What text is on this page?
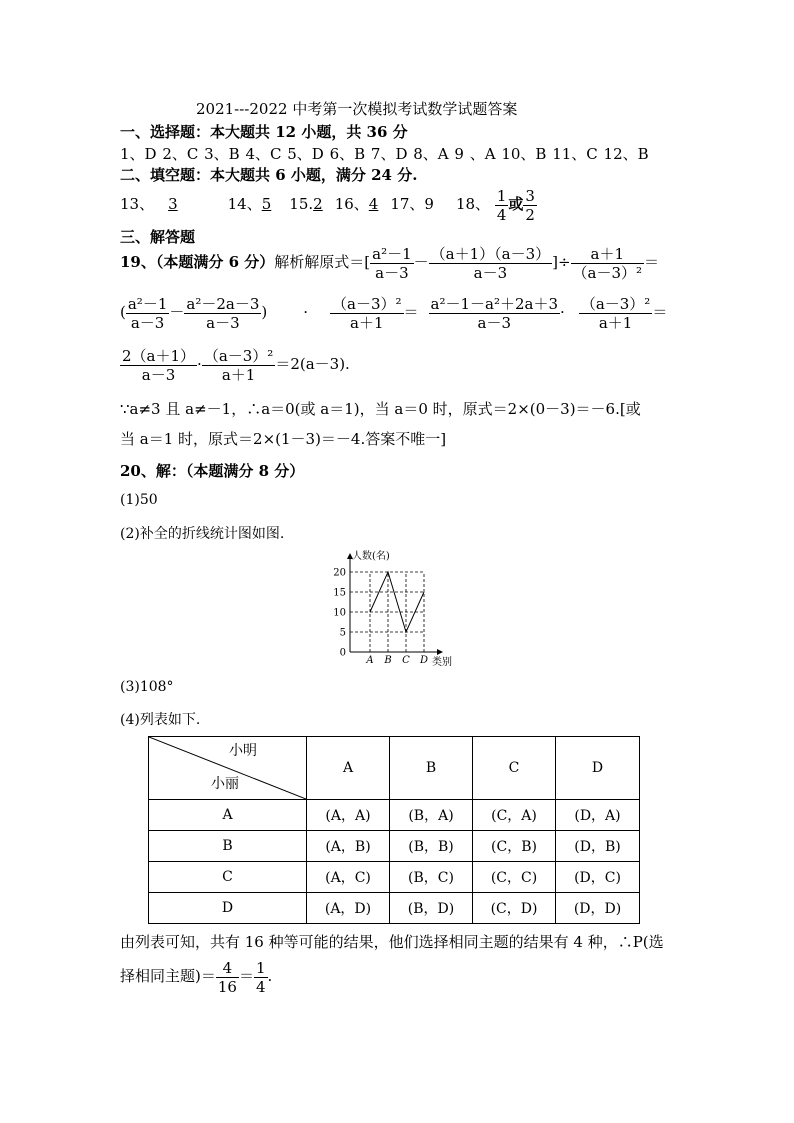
2021---2022 中考第一次模拟考试数学试题答案
一、选择题：本大题共 12 小题，共 36 分
1、D 2、C 3、B 4、C 5、D 6、B 7、D 8、A 9 、A 10、B 11、C 12、B
二、填空题：本大题共 6 小题，满分 24 分.
13、 3	14、5 15.2 16、4 17、9 18、 $\frac{1}{4}$ 或 $\frac{3}{2}$
三、解答题
19、（本题满分 6 分）解析解原式＝[ $\frac{\text{a²－1}}{a-3} - \frac{(a+1)(a-3)}{a-3}$ ]÷ $\frac{a+1}{\text{（a－3）²}}$ ＝
( $\frac{\text{a²－1}}{a-3} - \frac{\text{a²－2a－3}}{a-3}$ ) · $\frac{\text{（a－3）²}}{a+1} = \frac{\text{a²－1－a²＋2a＋3}}{a-3} \cdot \frac{\text{（a－3）²}}{a+1}$ ＝
$\frac{2(a+1)}{a-3} \cdot \frac{\text{（a－3）²}}{a+1} =2(a-3)$.
∵a≠3 且 a≠－1，∴a＝0(或 a＝1)，当 a＝0 时，原式＝2×(0－3)＝－6.[或
当 a＝1 时，原式＝2×(1－3)＝－4.答案不唯一]
20、解：（本题满分 8 分）
(1)50
(2)补全的折线统计图如图.
人数(名)
类别
0
5
10
15
20
A B C D
(3)108°
(4)列表如下.
小明
小丽	A	B	C	D
A	(A，A)	(B，A)	(C，A)	(D，A)
B	(A，B)	(B，B)	(C，B)	(D，B)
C	(A，C)	(B，C)	(C，C)	(D，C)
D	(A，D)	(B，D)	(C，D)	(D，D)
由列表可知，共有 16 种等可能的结果，他们选择相同主题的结果有 4 种，∴P(选
择相同主题)＝ $\frac{4}{16} = \frac{1}{4}$ .
